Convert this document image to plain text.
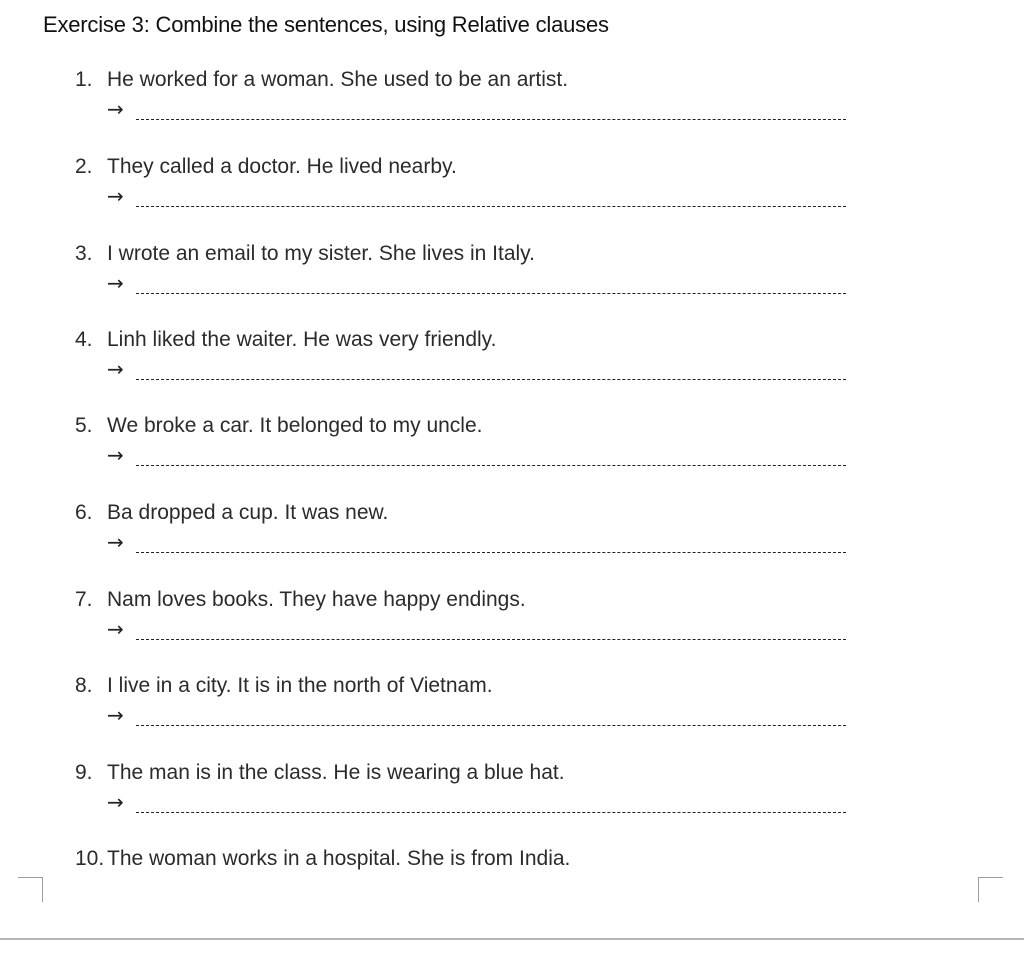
Exercise 3: Combine the sentences, using Relative clauses
1. He worked for a woman. She used to be an artist.
→
2. They called a doctor. He lived nearby.
→
3. I wrote an email to my sister. She lives in Italy.
→
4. Linh liked the waiter. He was very friendly.
→
5. We broke a car. It belonged to my uncle.
→
6. Ba dropped a cup. It was new.
→
7. Nam loves books. They have happy endings.
→
8. I live in a city. It is in the north of Vietnam.
→
9. The man is in the class. He is wearing a blue hat.
→
10. The woman works in a hospital. She is from India.
